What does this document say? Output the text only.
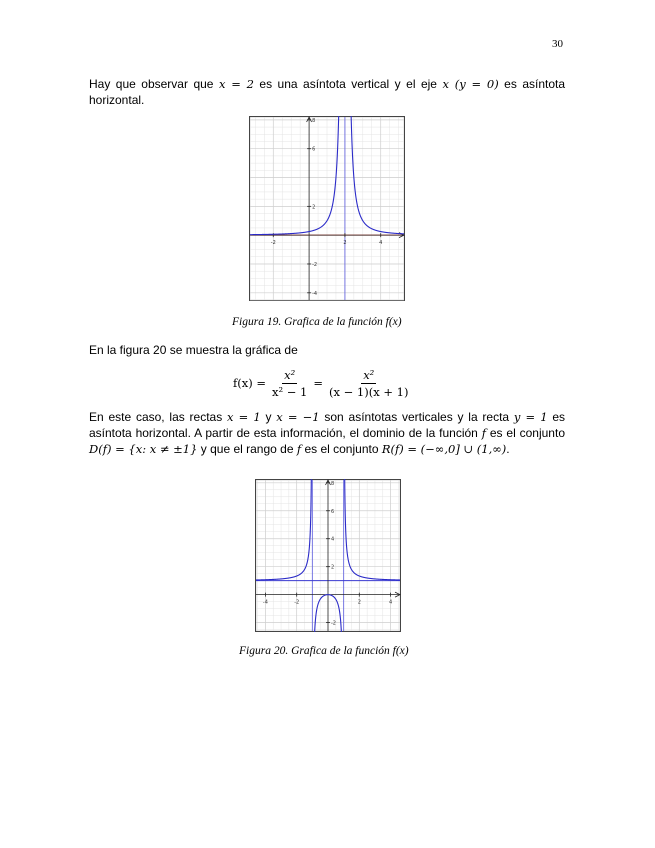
30

Hay que observar que x = 2 es una asíntota vertical y el eje x (y = 0) es asíntota horizontal.

-2	2	4
-4
-2
2
6
8
Figura 19. Grafica de la función f(x)

En la figura 20 se muestra la gráfica de

$f(x) = \frac{\text{x²}}{\text{x² − 1}} = \frac{\text{x²}}{(x - 1)(x + 1)}$

En este caso, las rectas x = 1 y x = −1 son asíntotas verticales y la recta y = 1 es asíntota horizontal. A partir de esta información, el dominio de la función f es el conjunto D(f) = {x: x ≠ ±1} y que el rango de f es el conjunto R(f) = (−∞,0] ∪ (1,∞).

-4	-2	2	4
-2
2
4
6
8
Figura 20. Grafica de la función f(x)
